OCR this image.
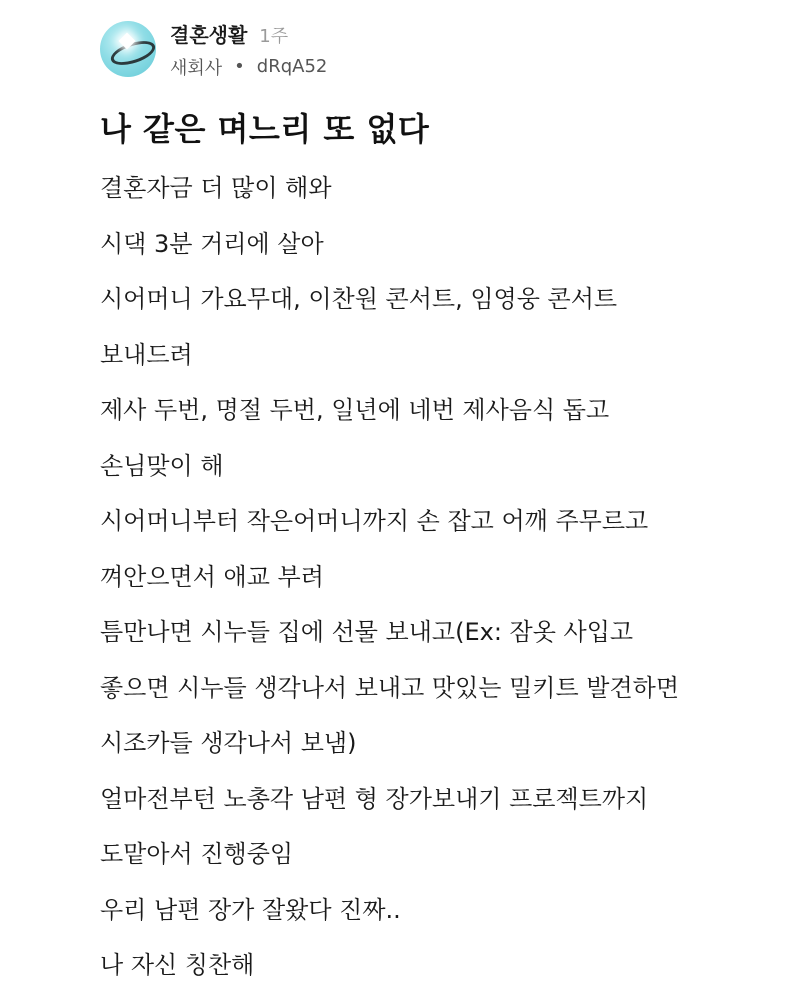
결혼생활 1주
새회사 • dRqA52
나 같은 며느리 또 없다
결혼자금 더 많이 해와
시댁 3분 거리에 살아
시어머니 가요무대, 이찬원 콘서트, 임영웅 콘서트
보내드려
제사 두번, 명절 두번, 일년에 네번 제사음식 돕고
손님맞이 해
시어머니부터 작은어머니까지 손 잡고 어깨 주무르고
껴안으면서 애교 부려
틈만나면 시누들 집에 선물 보내고(Ex: 잠옷 사입고
좋으면 시누들 생각나서 보내고 맛있는 밀키트 발견하면
시조카들 생각나서 보냄)
얼마전부턴 노총각 남편 형 장가보내기 프로젝트까지
도맡아서 진행중임
우리 남편 장가 잘왔다 진짜..
나 자신 칭찬해
